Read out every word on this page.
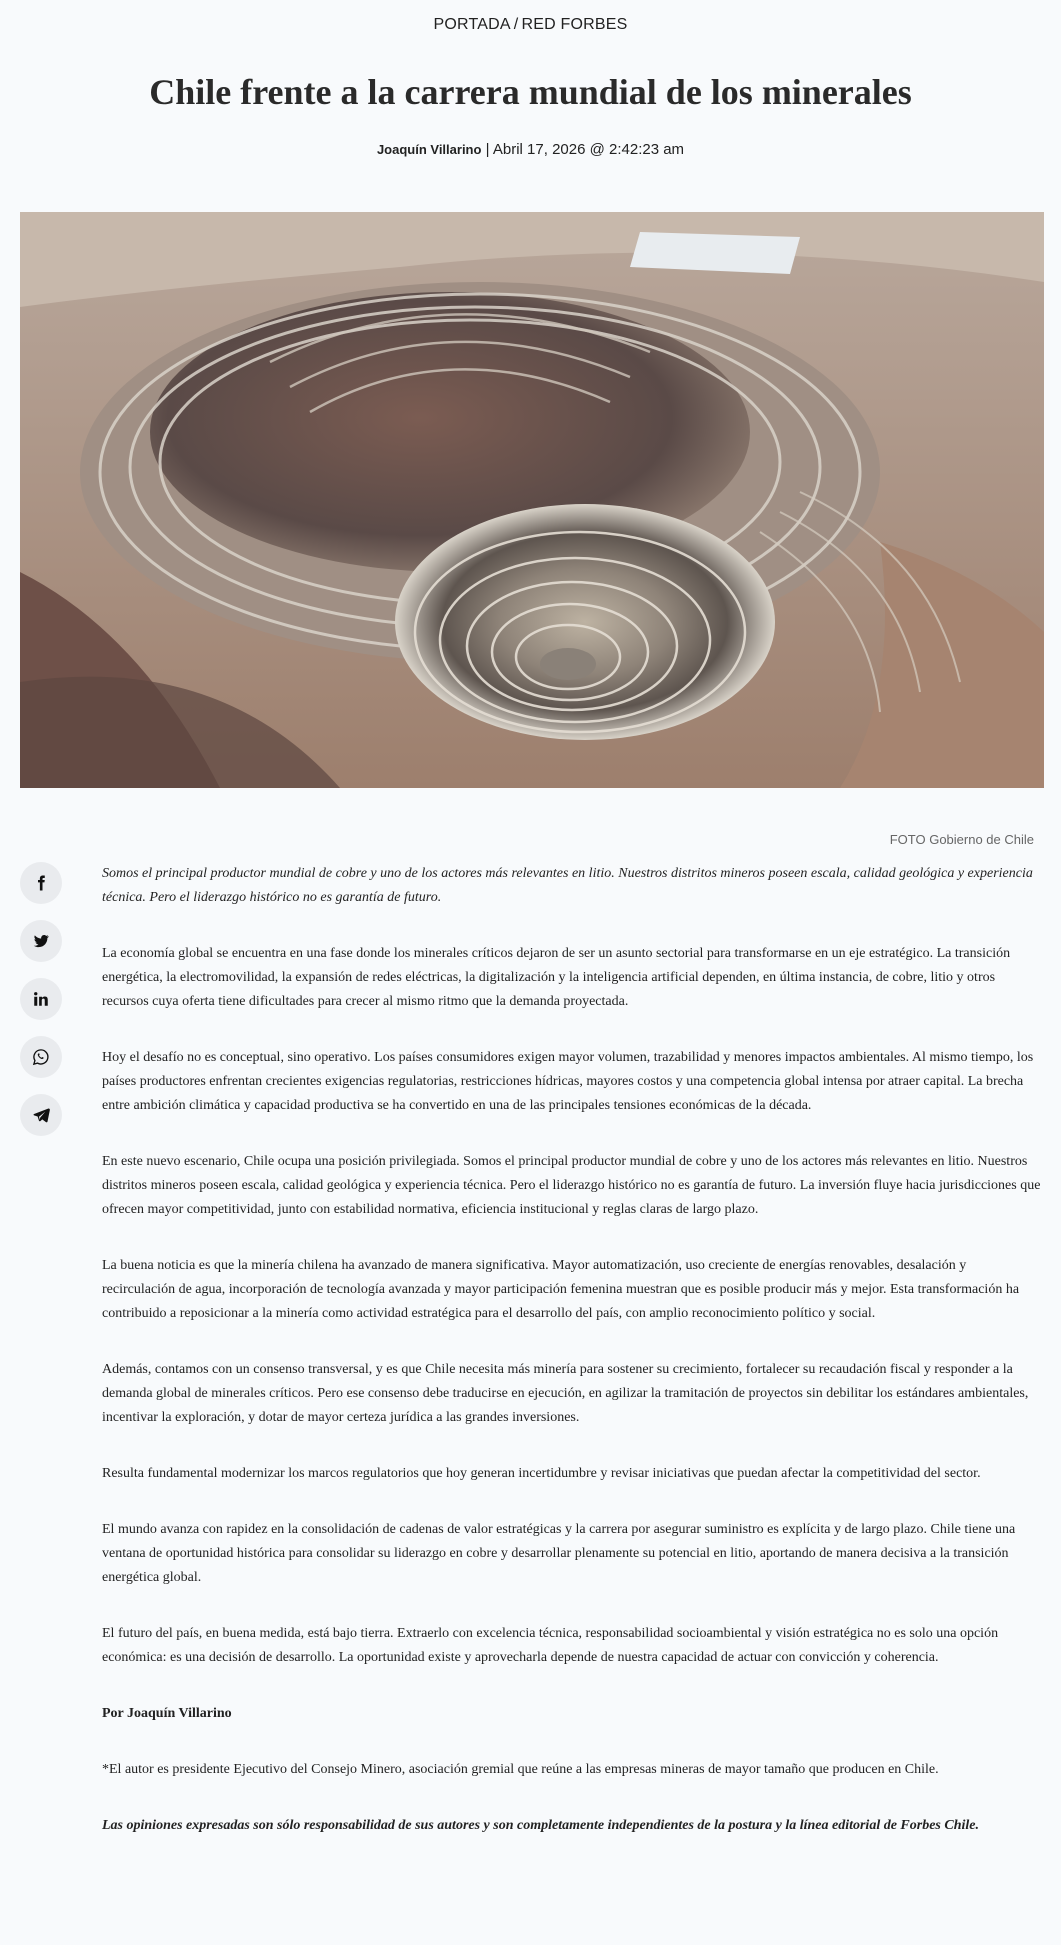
PORTADA / RED FORBES
Chile frente a la carrera mundial de los minerales
Joaquín Villarino | Abril 17, 2026 @ 2:42:23 am
FOTO Gobierno de Chile

Somos el principal productor mundial de cobre y uno de los actores más relevantes en litio. Nuestros distritos mineros poseen escala, calidad geológica y experiencia técnica. Pero el liderazgo histórico no es garantía de futuro.

La economía global se encuentra en una fase donde los minerales críticos dejaron de ser un asunto sectorial para transformarse en un eje estratégico. La transición energética, la electromovilidad, la expansión de redes eléctricas, la digitalización y la inteligencia artificial dependen, en última instancia, de cobre, litio y otros recursos cuya oferta tiene dificultades para crecer al mismo ritmo que la demanda proyectada.

Hoy el desafío no es conceptual, sino operativo. Los países consumidores exigen mayor volumen, trazabilidad y menores impactos ambientales. Al mismo tiempo, los países productores enfrentan crecientes exigencias regulatorias, restricciones hídricas, mayores costos y una competencia global intensa por atraer capital. La brecha entre ambición climática y capacidad productiva se ha convertido en una de las principales tensiones económicas de la década.

En este nuevo escenario, Chile ocupa una posición privilegiada. Somos el principal productor mundial de cobre y uno de los actores más relevantes en litio. Nuestros distritos mineros poseen escala, calidad geológica y experiencia técnica. Pero el liderazgo histórico no es garantía de futuro. La inversión fluye hacia jurisdicciones que ofrecen mayor competitividad, junto con estabilidad normativa, eficiencia institucional y reglas claras de largo plazo.

La buena noticia es que la minería chilena ha avanzado de manera significativa. Mayor automatización, uso creciente de energías renovables, desalación y recirculación de agua, incorporación de tecnología avanzada y mayor participación femenina muestran que es posible producir más y mejor. Esta transformación ha contribuido a reposicionar a la minería como actividad estratégica para el desarrollo del país, con amplio reconocimiento político y social.

Además, contamos con un consenso transversal, y es que Chile necesita más minería para sostener su crecimiento, fortalecer su recaudación fiscal y responder a la demanda global de minerales críticos. Pero ese consenso debe traducirse en ejecución, en agilizar la tramitación de proyectos sin debilitar los estándares ambientales, incentivar la exploración, y dotar de mayor certeza jurídica a las grandes inversiones.

Resulta fundamental modernizar los marcos regulatorios que hoy generan incertidumbre y revisar iniciativas que puedan afectar la competitividad del sector.

El mundo avanza con rapidez en la consolidación de cadenas de valor estratégicas y la carrera por asegurar suministro es explícita y de largo plazo. Chile tiene una ventana de oportunidad histórica para consolidar su liderazgo en cobre y desarrollar plenamente su potencial en litio, aportando de manera decisiva a la transición energética global.

El futuro del país, en buena medida, está bajo tierra. Extraerlo con excelencia técnica, responsabilidad socioambiental y visión estratégica no es solo una opción económica: es una decisión de desarrollo. La oportunidad existe y aprovecharla depende de nuestra capacidad de actuar con convicción y coherencia.

Por Joaquín Villarino

*El autor es presidente Ejecutivo del Consejo Minero, asociación gremial que reúne a las empresas mineras de mayor tamaño que producen en Chile.

Las opiniones expresadas son sólo responsabilidad de sus autores y son completamente independientes de la postura y la línea editorial de Forbes Chile.
